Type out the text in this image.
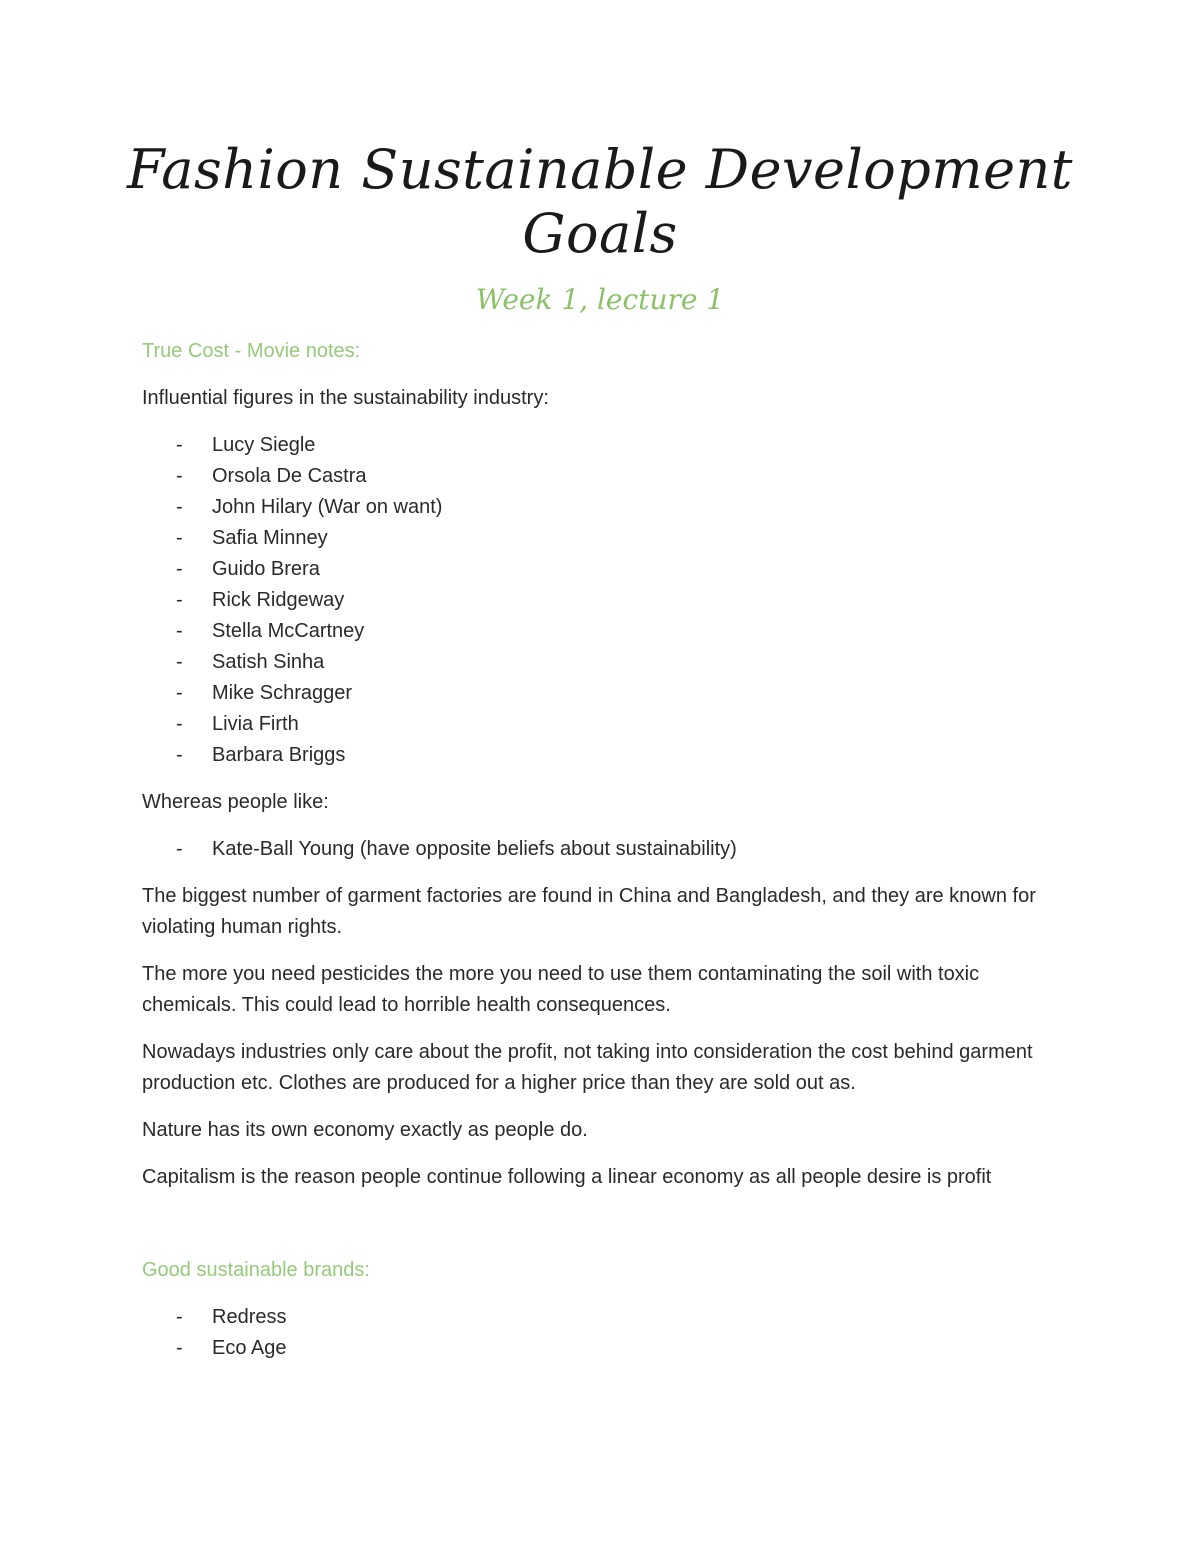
Fashion Sustainable Development Goals
Week 1, lecture 1

True Cost - Movie notes:

Influential figures in the sustainability industry:

- Lucy Siegle
- Orsola De Castra
- John Hilary (War on want)
- Safia Minney
- Guido Brera
- Rick Ridgeway
- Stella McCartney
- Satish Sinha
- Mike Schragger
- Livia Firth
- Barbara Briggs

Whereas people like:

- Kate-Ball Young (have opposite beliefs about sustainability)

The biggest number of garment factories are found in China and Bangladesh, and they are known for violating human rights.

The more you need pesticides the more you need to use them contaminating the soil with toxic chemicals. This could lead to horrible health consequences.

Nowadays industries only care about the profit, not taking into consideration the cost behind garment production etc. Clothes are produced for a higher price than they are sold out as.

Nature has its own economy exactly as people do.

Capitalism is the reason people continue following a linear economy as all people desire is profit

Good sustainable brands:

- Redress
- Eco Age
